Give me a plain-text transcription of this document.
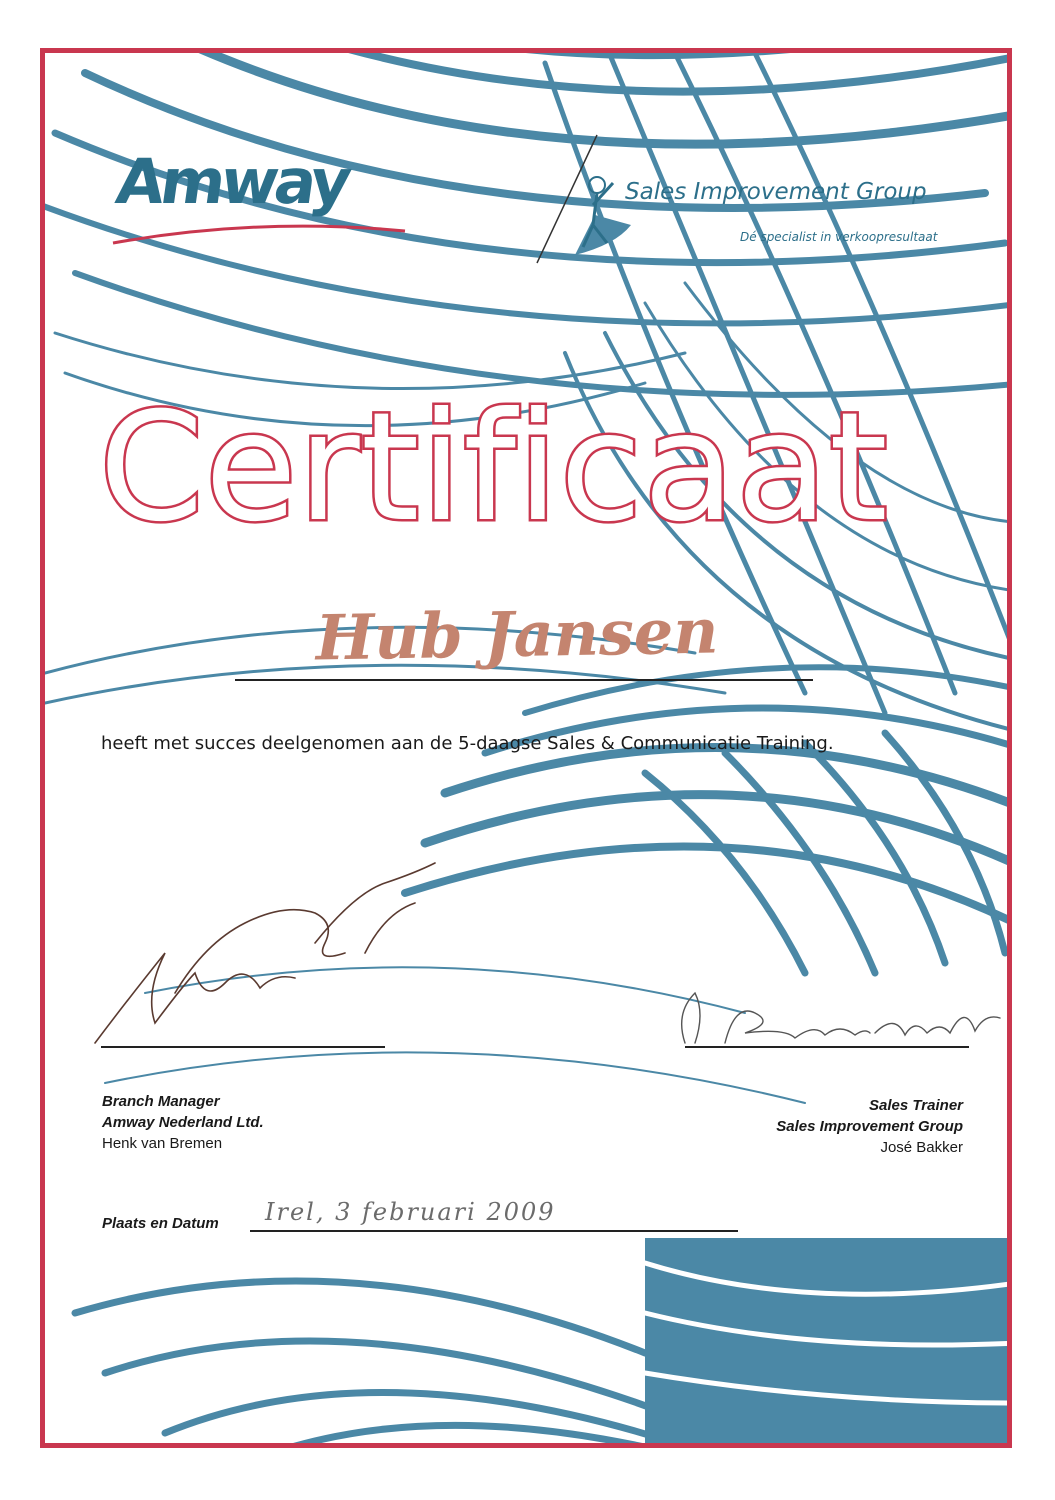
Amway	Sales Improvement Group
Dé specialist in verkoopresultaat
Certificaat
Hub Jansen
heeft met succes deelgenomen aan de 5-daagse Sales & Communicatie Training.
Branch Manager
Amway Nederland Ltd.
Henk van Bremen
Sales Trainer
Sales Improvement Group
José Bakker
Plaats en Datum Irel, 3 februari 2009
